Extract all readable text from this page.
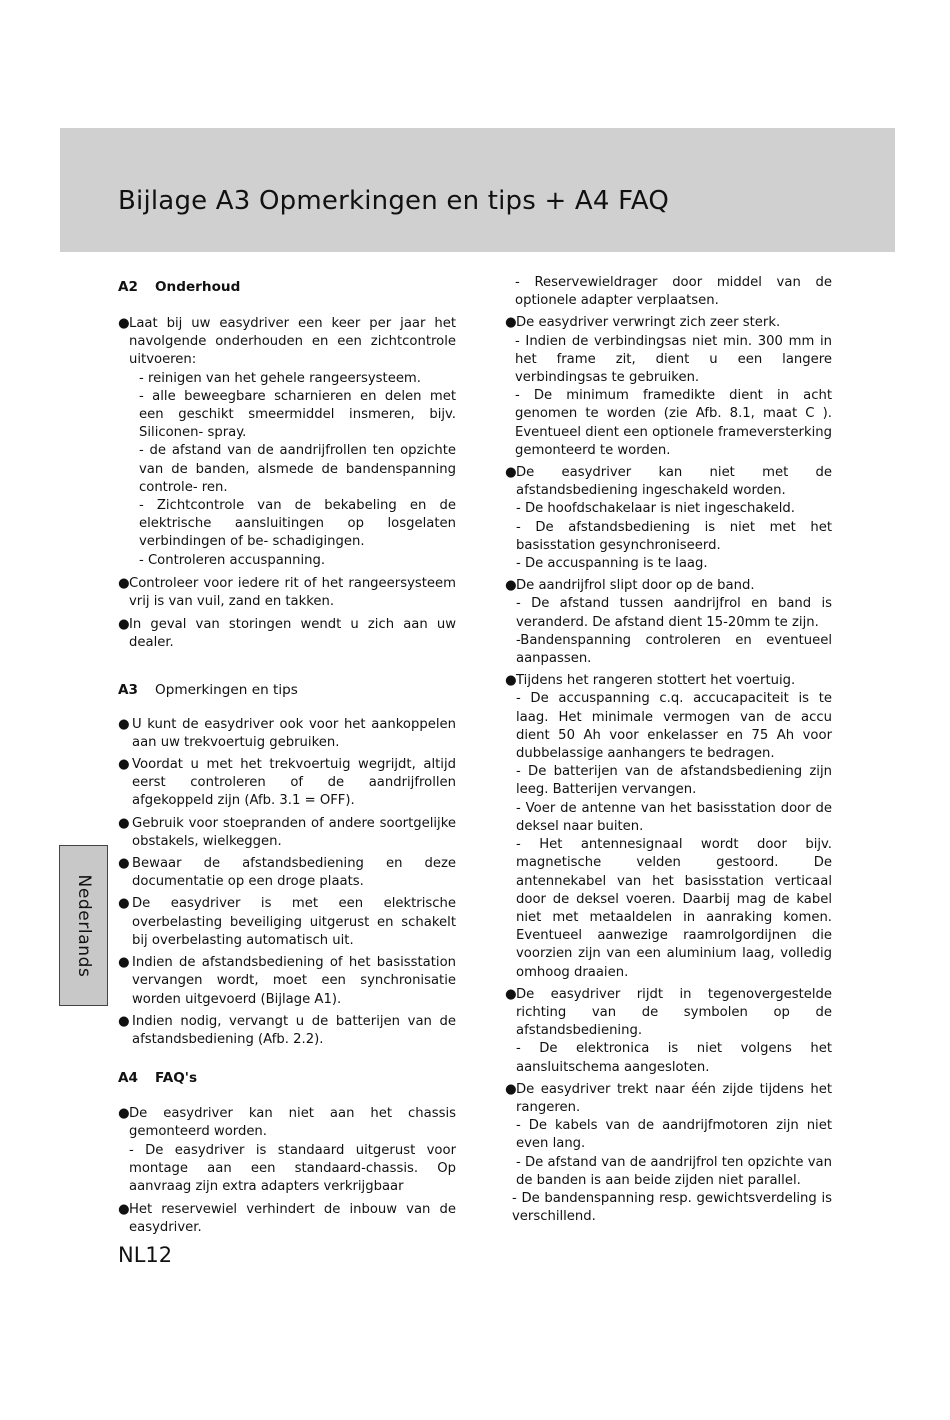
Bijlage A3 Opmerkingen en tips + A4 FAQ

A2 Onderhoud

● Laat bij uw easydriver een keer per jaar het navolgende onderhouden en een zichtcontrole uitvoeren:
- reinigen van het gehele rangeersysteem.
- alle beweegbare scharnieren en delen met een geschikt smeermiddel insmeren, bijv. Siliconen- spray.
- de afstand van de aandrijfrollen ten opzichte van de banden, alsmede de bandenspanning controle- ren.
- Zichtcontrole van de bekabeling en de elektrische aansluitingen op losgelaten verbindingen of be- schadigingen.
- Controleren accuspanning.
● Controleer voor iedere rit of het rangeersysteem vrij is van vuil, zand en takken.
● In geval van storingen wendt u zich aan uw dealer.

A3 Opmerkingen en tips

● U kunt de easydriver ook voor het aankoppelen aan uw trekvoertuig gebruiken.
● Voordat u met het trekvoertuig wegrijdt, altijd eerst controleren of de aandrijfrollen afgekoppeld zijn (Afb. 3.1 = OFF).
● Gebruik voor stoepranden of andere soortgelijke obstakels, wielkeggen.
● Bewaar de afstandsbediening en deze documentatie op een droge plaats.
● De easydriver is met een elektrische overbelasting beveiliging uitgerust en schakelt bij overbelasting automatisch uit.
● Indien de afstandsbediening of het basisstation vervangen wordt, moet een synchronisatie worden uitgevoerd (Bijlage A1).
● Indien nodig, vervangt u de batterijen van de afstandsbediening (Afb. 2.2).

A4 FAQ's

● De easydriver kan niet aan het chassis gemonteerd worden.
- De easydriver is standaard uitgerust voor montage aan een standaard-chassis. Op aanvraag zijn extra adapters verkrijgbaar
● Het reservewiel verhindert de inbouw van de easydriver.
- Reservewieldrager door middel van de optionele adapter verplaatsen.
● De easydriver verwringt zich zeer sterk.
- Indien de verbindingsas niet min. 300 mm in het frame zit, dient u een langere verbindingsas te gebruiken.
- De minimum framedikte dient in acht genomen te worden (zie Afb. 8.1, maat C ). Eventueel dient een optionele frameversterking gemonteerd te worden.
● De easydriver kan niet met de afstandsbediening ingeschakeld worden.
- De hoofdschakelaar is niet ingeschakeld.
- De afstandsbediening is niet met het basisstation gesynchroniseerd.
- De accuspanning is te laag.
● De aandrijfrol slipt door op de band.
- De afstand tussen aandrijfrol en band is veranderd. De afstand dient 15-20mm te zijn.
-Bandenspanning controleren en eventueel aanpassen.
● Tijdens het rangeren stottert het voertuig.
- De accuspanning c.q. accucapaciteit is te laag. Het minimale vermogen van de accu dient 50 Ah voor enkelasser en 75 Ah voor dubbelassige aanhangers te bedragen.
- De batterijen van de afstandsbediening zijn leeg. Batterijen vervangen.
- Voer de antenne van het basisstation door de deksel naar buiten.
- Het antennesignaal wordt door bijv. magnetische velden gestoord. De antennekabel van het basisstation verticaal door de deksel voeren. Daarbij mag de kabel niet met metaaldelen in aanraking komen. Eventueel aanwezige raamrolgordijnen die voorzien zijn van een aluminium laag, volledig omhoog draaien.
● De easydriver rijdt in tegenovergestelde richting van de symbolen op de afstandsbediening.
- De elektronica is niet volgens het aansluitschema aangesloten.
● De easydriver trekt naar één zijde tijdens het rangeren.
- De kabels van de aandrijfmotoren zijn niet even lang.
- De afstand van de aandrijfrol ten opzichte van de banden is aan beide zijden niet parallel.
- De bandenspanning resp. gewichtsverdeling is verschillend.
Nederlands
NL12
